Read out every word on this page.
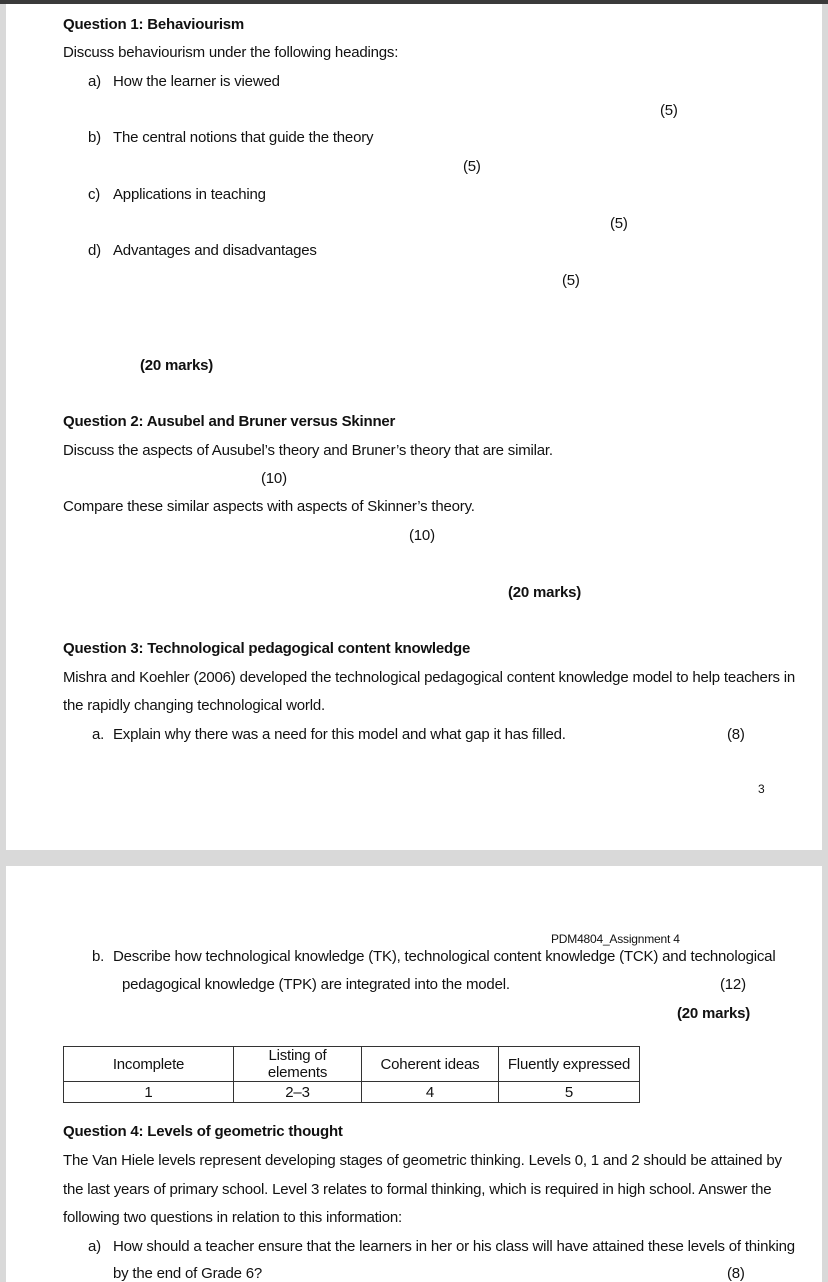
Question 1: Behaviourism
Discuss behaviourism under the following headings:
a) How the learner is viewed
(5)
b) The central notions that guide the theory
(5)
c) Applications in teaching
(5)
d) Advantages and disadvantages
(5)
(20 marks)
Question 2: Ausubel and Bruner versus Skinner
Discuss the aspects of Ausubel’s theory and Bruner’s theory that are similar.
(10)
Compare these similar aspects with aspects of Skinner’s theory.
(10)
(20 marks)
Question 3: Technological pedagogical content knowledge
Mishra and Koehler (2006) developed the technological pedagogical content knowledge model to help teachers in
the rapidly changing technological world.
a. Explain why there was a need for this model and what gap it has filled.	(8)
3
PDM4804_Assignment 4
b. Describe how technological knowledge (TK), technological content knowledge (TCK) and technological
pedagogical knowledge (TPK) are integrated into the model.	(12)
(20 marks)
Incomplete	Listing of elements	Coherent ideas	Fluently expressed
1	2–3	4	5
Question 4: Levels of geometric thought
The Van Hiele levels represent developing stages of geometric thinking. Levels 0, 1 and 2 should be attained by
the last years of primary school. Level 3 relates to formal thinking, which is required in high school. Answer the
following two questions in relation to this information:
a) How should a teacher ensure that the learners in her or his class will have attained these levels of thinking
by the end of Grade 6?	(8)
